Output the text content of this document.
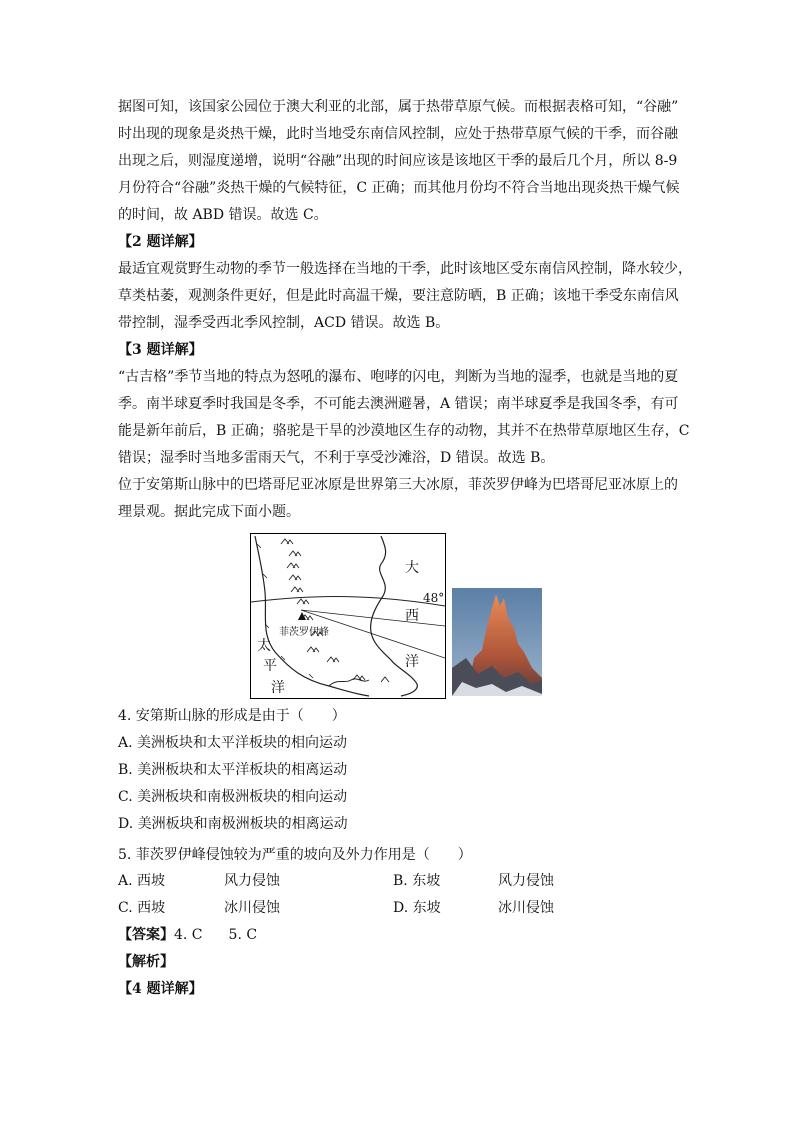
据图可知，该国家公园位于澳大利亚的北部，属于热带草原气候。而根据表格可知，“谷融”
时出现的现象是炎热干燥，此时当地受东南信风控制，应处于热带草原气候的干季，而谷融
出现之后，则湿度递增，说明“谷融”出现的时间应该是该地区干季的最后几个月，所以 8-9
月份符合“谷融”炎热干燥的气候特征，C 正确；而其他月份均不符合当地出现炎热干燥气候
的时间，故 ABD 错误。故选 C。

【2 题详解】

最适宜观赏野生动物的季节一般选择在当地的干季，此时该地区受东南信风控制，降水较少，
草类枯萎，观测条件更好，但是此时高温干燥，要注意防晒，B 正确；该地干季受东南信风
带控制，湿季受西北季风控制，ACD 错误。故选 B。

【3 题详解】

“古吉格”季节当地的特点为怒吼的瀑布、咆哮的闪电，判断为当地的湿季，也就是当地的夏
季。南半球夏季时我国是冬季，不可能去澳洲避暑，A 错误；南半球夏季是我国冬季，有可
能是新年前后，B 正确；骆驼是干旱的沙漠地区生存的动物，其并不在热带草原地区生存，C
错误；湿季时当地多雷雨天气，不利于享受沙滩浴，D 错误。故选 B。

位于安第斯山脉中的巴塔哥尼亚冰原是世界第三大冰原，菲茨罗伊峰为巴塔哥尼亚冰原上的
理景观。据此完成下面小题。

大
西
洋
48°
菲茨罗伊峰
太
平
洋
4. 安第斯山脉的形成是由于（　　）
A. 美洲板块和太平洋板块的相向运动
B. 美洲板块和太平洋板块的相离运动
C. 美洲板块和南极洲板块的相向运动
D. 美洲板块和南极洲板块的相离运动
5. 菲茨罗伊峰侵蚀较为严重的坡向及外力作用是（　　）
A. 西坡	风力侵蚀	B. 东坡	风力侵蚀
C. 西坡	冰川侵蚀	D. 东坡	冰川侵蚀
【答案】4. C 5. C
【解析】
【4 题详解】
